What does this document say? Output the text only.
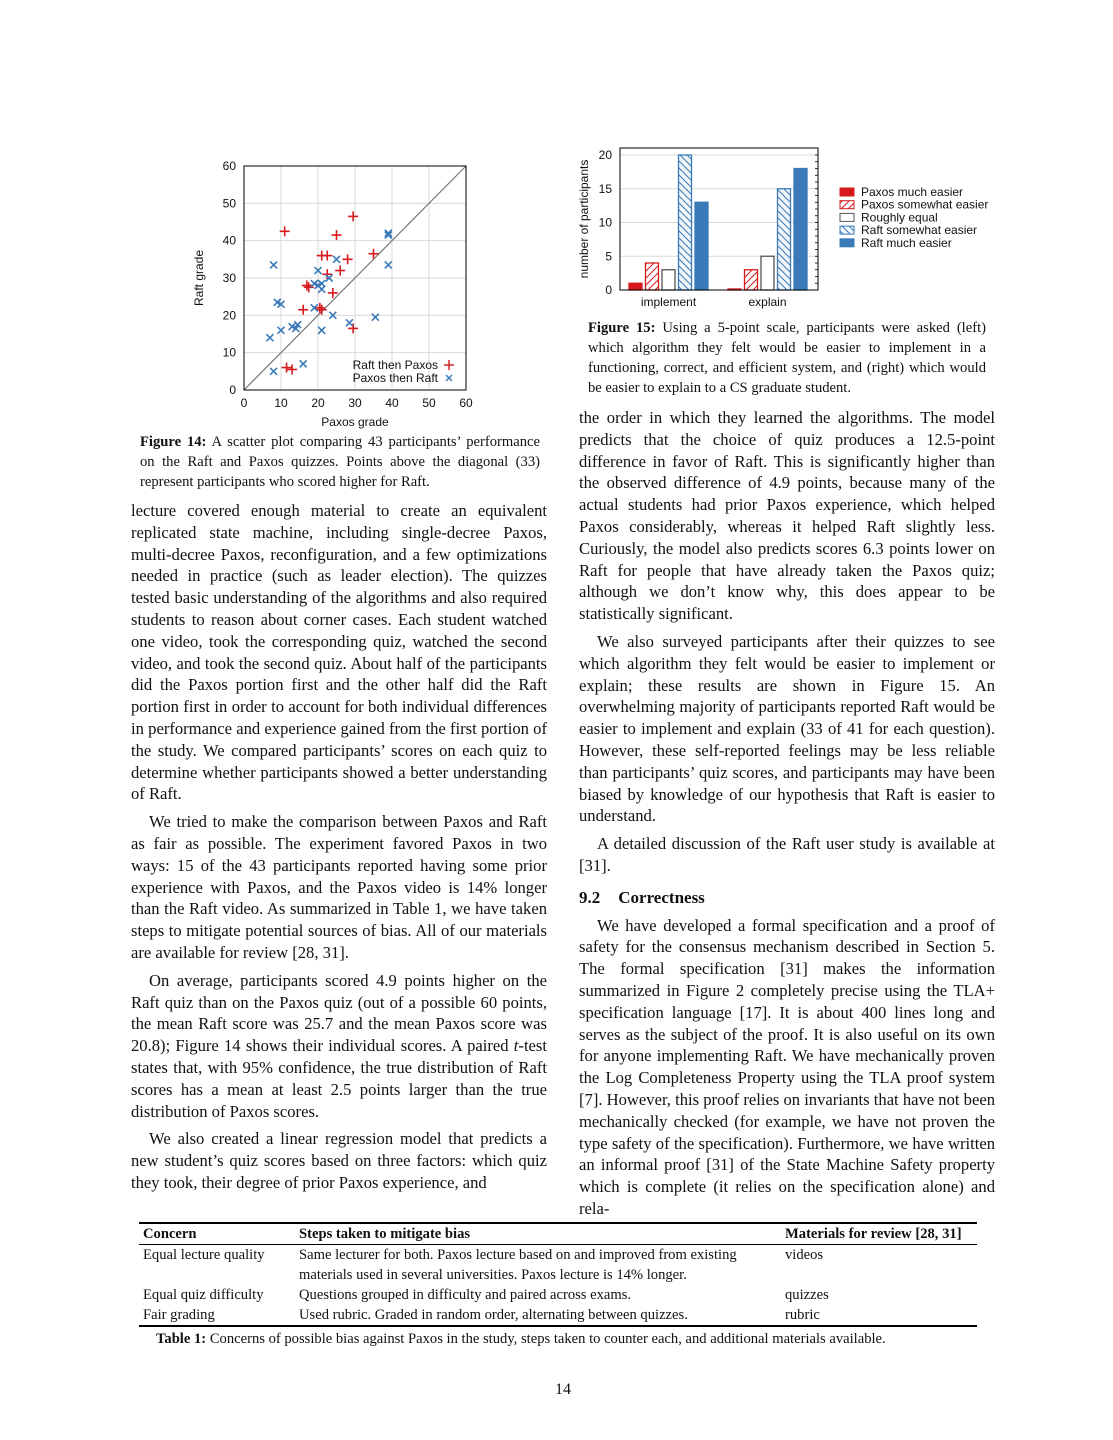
0 10 20 30 40 50 60
0
10
20
30
40
50
60
Raft then Paxos
Paxos then Raft
Paxos grade
Raft grade
Figure 14: A scatter plot comparing 43 participants’ performance on the Raft and Paxos quizzes. Points above the diagonal (33) represent participants who scored higher for Raft.
0
5
10
15
20
implement	explain
Paxos much easier
Paxos somewhat easier
Roughly equal
Raft somewhat easier
Raft much easier
number of participants
Figure 15: Using a 5-point scale, participants were asked (left) which algorithm they felt would be easier to implement in a functioning, correct, and efficient system, and (right) which would be easier to explain to a CS graduate student.

lecture covered enough material to create an equivalent replicated state machine, including single-decree Paxos, multi-decree Paxos, reconfiguration, and a few optimizations needed in practice (such as leader election). The quizzes tested basic understanding of the algorithms and also required students to reason about corner cases. Each student watched one video, took the corresponding quiz, watched the second video, and took the second quiz. About half of the participants did the Paxos portion first and the other half did the Raft portion first in order to account for both individual differences in performance and experience gained from the first portion of the study. We compared participants’ scores on each quiz to determine whether participants showed a better understanding of Raft.

We tried to make the comparison between Paxos and Raft as fair as possible. The experiment favored Paxos in two ways: 15 of the 43 participants reported having some prior experience with Paxos, and the Paxos video is 14% longer than the Raft video. As summarized in Table 1, we have taken steps to mitigate potential sources of bias. All of our materials are available for review [28, 31].

On average, participants scored 4.9 points higher on the Raft quiz than on the Paxos quiz (out of a possible 60 points, the mean Raft score was 25.7 and the mean Paxos score was 20.8); Figure 14 shows their individual scores. A paired t-test states that, with 95% confidence, the true distribution of Raft scores has a mean at least 2.5 points larger than the true distribution of Paxos scores.

We also created a linear regression model that predicts a new student’s quiz scores based on three factors: which quiz they took, their degree of prior Paxos experience, and

the order in which they learned the algorithms. The model predicts that the choice of quiz produces a 12.5-point difference in favor of Raft. This is significantly higher than the observed difference of 4.9 points, because many of the actual students had prior Paxos experience, which helped Paxos considerably, whereas it helped Raft slightly less. Curiously, the model also predicts scores 6.3 points lower on Raft for people that have already taken the Paxos quiz; although we don’t know why, this does appear to be statistically significant.

We also surveyed participants after their quizzes to see which algorithm they felt would be easier to implement or explain; these results are shown in Figure 15. An overwhelming majority of participants reported Raft would be easier to implement and explain (33 of 41 for each question). However, these self-reported feelings may be less reliable than participants’ quiz scores, and participants may have been biased by knowledge of our hypothesis that Raft is easier to understand.

A detailed discussion of the Raft user study is available at [31].

9.2 Correctness

We have developed a formal specification and a proof of safety for the consensus mechanism described in Section 5. The formal specification [31] makes the information summarized in Figure 2 completely precise using the TLA+ specification language [17]. It is about 400 lines long and serves as the subject of the proof. It is also useful on its own for anyone implementing Raft. We have mechanically proven the Log Completeness Property using the TLA proof system [7]. However, this proof relies on invariants that have not been mechanically checked (for example, we have not proven the type safety of the specification). Furthermore, we have written an informal proof [31] of the State Machine Safety property which is complete (it relies on the specification alone) and rela-

Concern	Steps taken to mitigate bias	Materials for review [28, 31]
Equal lecture quality	Same lecturer for both. Paxos lecture based on and improved from existing materials used in several universities. Paxos lecture is 14% longer.	videos
Equal quiz difficulty	Questions grouped in difficulty and paired across exams.	quizzes
Fair grading	Used rubric. Graded in random order, alternating between quizzes.	rubric
Table 1: Concerns of possible bias against Paxos in the study, steps taken to counter each, and additional materials available.
14
